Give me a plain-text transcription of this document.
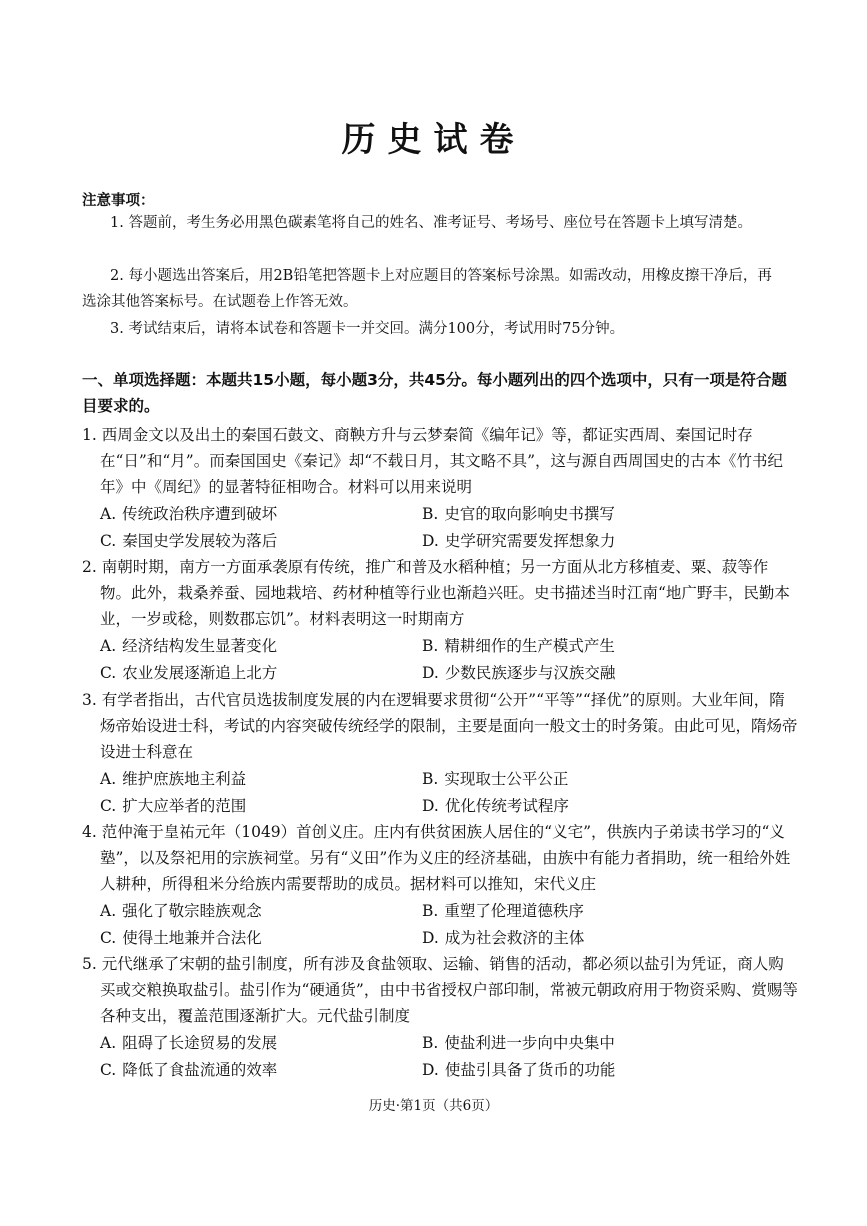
历史试卷
注意事项：
1. 答题前，考生务必用黑色碳素笔将自己的姓名、准考证号、考场号、座位号在答题卡上填写清楚。
2. 每小题选出答案后，用2B铅笔把答题卡上对应题目的答案标号涂黑。如需改动，用橡皮擦干净后，再选涂其他答案标号。在试题卷上作答无效。
3. 考试结束后，请将本试卷和答题卡一并交回。满分100分，考试用时75分钟。
一、单项选择题：本题共15小题，每小题3分，共45分。每小题列出的四个选项中，只有一项是符合题目要求的。

1. 西周金文以及出土的秦国石鼓文、商鞅方升与云梦秦简《编年记》等，都证实西周、秦国记时存在“日”和“月”。而秦国国史《秦记》却“不载日月，其文略不具”，这与源自西周国史的古本《竹书纪年》中《周纪》的显著特征相吻合。材料可以用来说明

A. 传统政治秩序遭到破坏	B. 史官的取向影响史书撰写
C. 秦国史学发展较为落后	D. 史学研究需要发挥想象力

2. 南朝时期，南方一方面承袭原有传统，推广和普及水稻种植；另一方面从北方移植麦、粟、菽等作物。此外，栽桑养蚕、园地栽培、药材种植等行业也渐趋兴旺。史书描述当时江南“地广野丰，民勤本业，一岁或稔，则数郡忘饥”。材料表明这一时期南方

A. 经济结构发生显著变化	B. 精耕细作的生产模式产生
C. 农业发展逐渐追上北方	D. 少数民族逐步与汉族交融

3. 有学者指出，古代官员选拔制度发展的内在逻辑要求贯彻“公开”“平等”“择优”的原则。大业年间，隋炀帝始设进士科，考试的内容突破传统经学的限制，主要是面向一般文士的时务策。由此可见，隋炀帝设进士科意在

A. 维护庶族地主利益	B. 实现取士公平公正
C. 扩大应举者的范围	D. 优化传统考试程序

4. 范仲淹于皇祐元年（1049）首创义庄。庄内有供贫困族人居住的“义宅”，供族内子弟读书学习的“义塾”，以及祭祀用的宗族祠堂。另有“义田”作为义庄的经济基础，由族中有能力者捐助，统一租给外姓人耕种，所得租米分给族内需要帮助的成员。据材料可以推知，宋代义庄

A. 强化了敬宗睦族观念	B. 重塑了伦理道德秩序
C. 使得土地兼并合法化	D. 成为社会救济的主体

5. 元代继承了宋朝的盐引制度，所有涉及食盐领取、运输、销售的活动，都必须以盐引为凭证，商人购买或交粮换取盐引。盐引作为“硬通货”，由中书省授权户部印制，常被元朝政府用于物资采购、赏赐等各种支出，覆盖范围逐渐扩大。元代盐引制度

A. 阻碍了长途贸易的发展	B. 使盐利进一步向中央集中
C. 降低了食盐流通的效率	D. 使盐引具备了货币的功能
历史·第1页（共6页）
